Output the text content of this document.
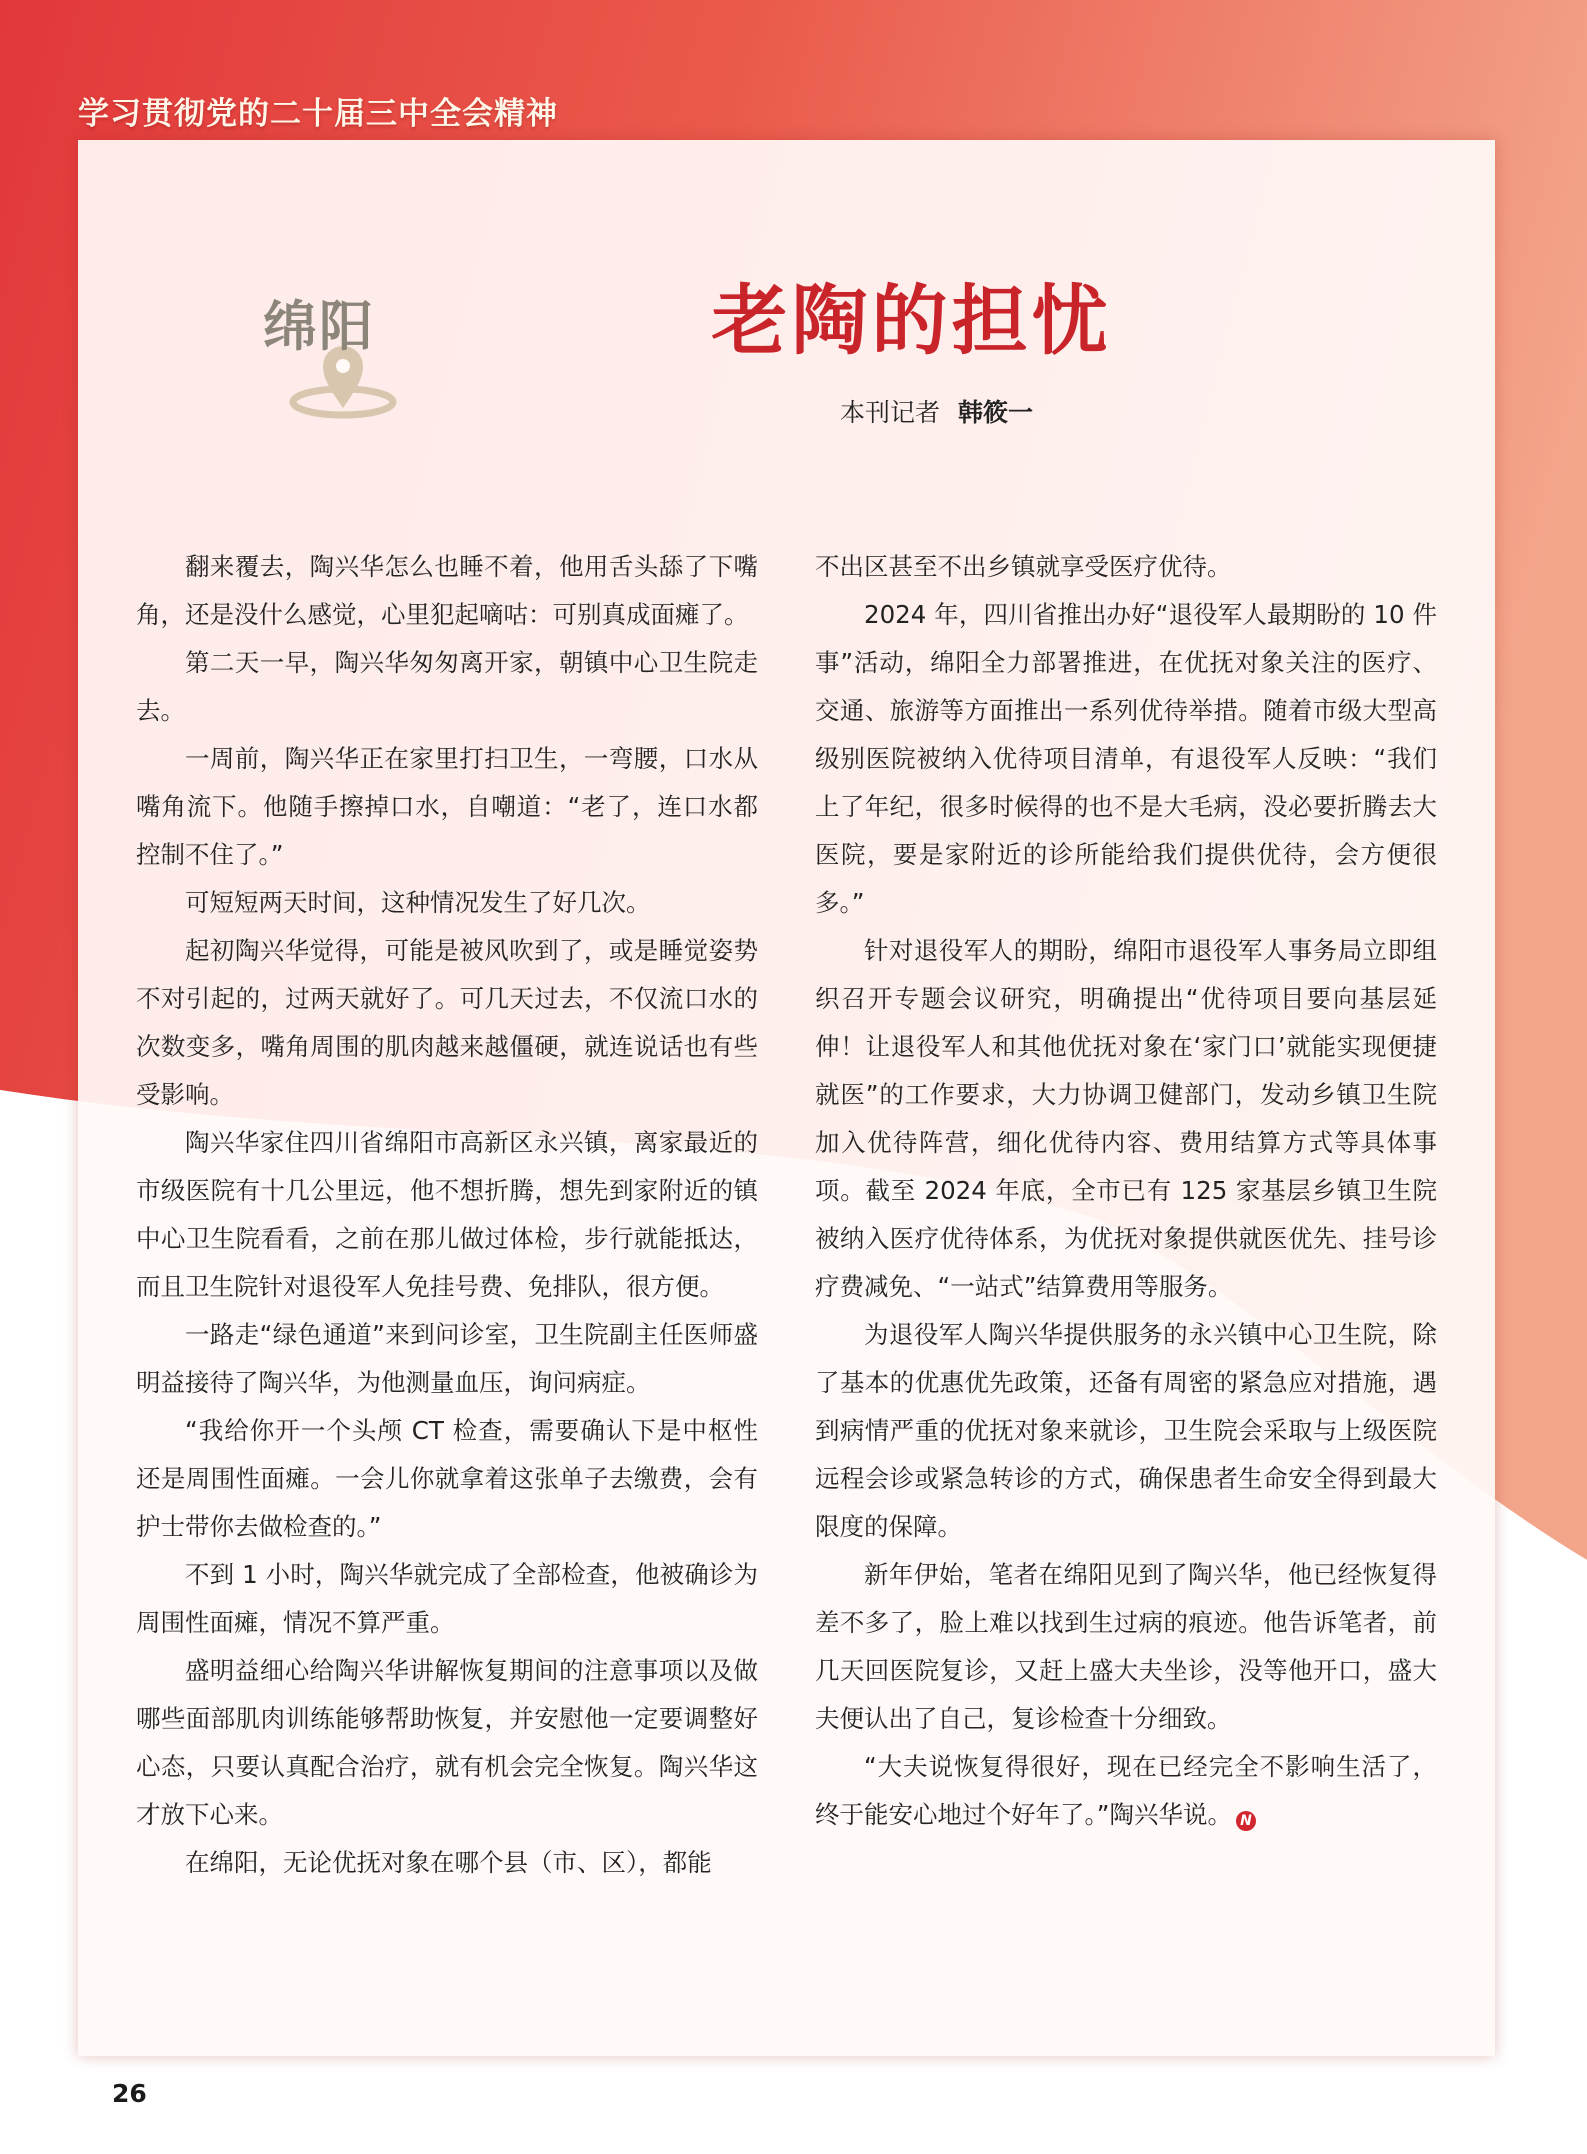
学习贯彻党的二十届三中全会精神
绵阳	老陶的担忧
本刊记者 韩筱一

翻来覆去，陶兴华怎么也睡不着，他用舌头舔了下嘴角，还是没什么感觉，心里犯起嘀咕：可别真成面瘫了。

第二天一早，陶兴华匆匆离开家，朝镇中心卫生院走去。

一周前，陶兴华正在家里打扫卫生，一弯腰，口水从嘴角流下。他随手擦掉口水，自嘲道：“老了，连口水都控制不住了。”

可短短两天时间，这种情况发生了好几次。

起初陶兴华觉得，可能是被风吹到了，或是睡觉姿势不对引起的，过两天就好了。可几天过去，不仅流口水的次数变多，嘴角周围的肌肉越来越僵硬，就连说话也有些受影响。

陶兴华家住四川省绵阳市高新区永兴镇，离家最近的市级医院有十几公里远，他不想折腾，想先到家附近的镇中心卫生院看看，之前在那儿做过体检，步行就能抵达，而且卫生院针对退役军人免挂号费、免排队，很方便。

一路走“绿色通道”来到问诊室，卫生院副主任医师盛明益接待了陶兴华，为他测量血压，询问病症。

“我给你开一个头颅 CT 检查，需要确认下是中枢性还是周围性面瘫。一会儿你就拿着这张单子去缴费，会有护士带你去做检查的。”

不到 1 小时，陶兴华就完成了全部检查，他被确诊为周围性面瘫，情况不算严重。

盛明益细心给陶兴华讲解恢复期间的注意事项以及做哪些面部肌肉训练能够帮助恢复，并安慰他一定要调整好心态，只要认真配合治疗，就有机会完全恢复。陶兴华这才放下心来。

在绵阳，无论优抚对象在哪个县（市、区），都能

不出区甚至不出乡镇就享受医疗优待。

2024 年，四川省推出办好“退役军人最期盼的 10 件事”活动，绵阳全力部署推进，在优抚对象关注的医疗、交通、旅游等方面推出一系列优待举措。随着市级大型高级别医院被纳入优待项目清单，有退役军人反映：“我们上了年纪，很多时候得的也不是大毛病，没必要折腾去大医院，要是家附近的诊所能给我们提供优待，会方便很多。”

针对退役军人的期盼，绵阳市退役军人事务局立即组织召开专题会议研究，明确提出“优待项目要向基层延伸！让退役军人和其他优抚对象在‘家门口’就能实现便捷就医”的工作要求，大力协调卫健部门，发动乡镇卫生院加入优待阵营，细化优待内容、费用结算方式等具体事项。截至 2024 年底，全市已有 125 家基层乡镇卫生院被纳入医疗优待体系，为优抚对象提供就医优先、挂号诊疗费减免、“一站式”结算费用等服务。

为退役军人陶兴华提供服务的永兴镇中心卫生院，除了基本的优惠优先政策，还备有周密的紧急应对措施，遇到病情严重的优抚对象来就诊，卫生院会采取与上级医院远程会诊或紧急转诊的方式，确保患者生命安全得到最大限度的保障。

新年伊始，笔者在绵阳见到了陶兴华，他已经恢复得差不多了，脸上难以找到生过病的痕迹。他告诉笔者，前几天回医院复诊，又赶上盛大夫坐诊，没等他开口，盛大夫便认出了自己，复诊检查十分细致。

“大夫说恢复得很好，现在已经完全不影响生活了，终于能安心地过个好年了。”陶兴华说。 N

26
